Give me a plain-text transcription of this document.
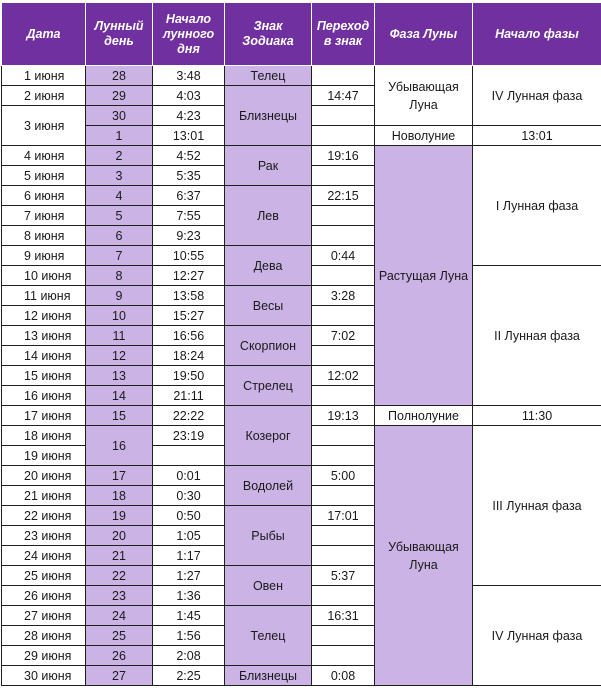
Дата	Лунный день	Начало лунного дня	Знак Зодиака	Переход в знак	Фаза Луны	Начало фазы
1 июня	28	3:48	Телец		Убывающая Луна	IV Лунная фаза
2 июня	29	4:03	Близнецы	14:47		
3 июня	30	4:23				
	1	13:01			Новолуние	13:01
4 июня	2	4:52	Рак	19:16	Растущая Луна	I Лунная фаза
5 июня	3	5:35				
6 июня	4	6:37	Лев	22:15		
7 июня	5	7:55				
8 июня	6	9:23				
9 июня	7	10:55	Дева	0:44		
10 июня	8	12:27				II Лунная фаза
11 июня	9	13:58	Весы	3:28		
12 июня	10	15:27				
13 июня	11	16:56	Скорпион	7:02		
14 июня	12	18:24				
15 июня	13	19:50	Стрелец	12:02		
16 июня	14	21:11				
17 июня	15	22:22	Козерог	19:13	Полнолуние	11:30
18 июня	16	23:19			Убывающая Луна	III Лунная фаза
19 июня						
20 июня	17	0:01	Водолей	5:00		
21 июня	18	0:30				
22 июня	19	0:50	Рыбы	17:01		
23 июня	20	1:05				
24 июня	21	1:17				
25 июня	22	1:27	Овен	5:37		
26 июня	23	1:36				IV Лунная фаза
27 июня	24	1:45	Телец	16:31		
28 июня	25	1:56				
29 июня	26	2:08				
30 июня	27	2:25	Близнецы	0:08		
